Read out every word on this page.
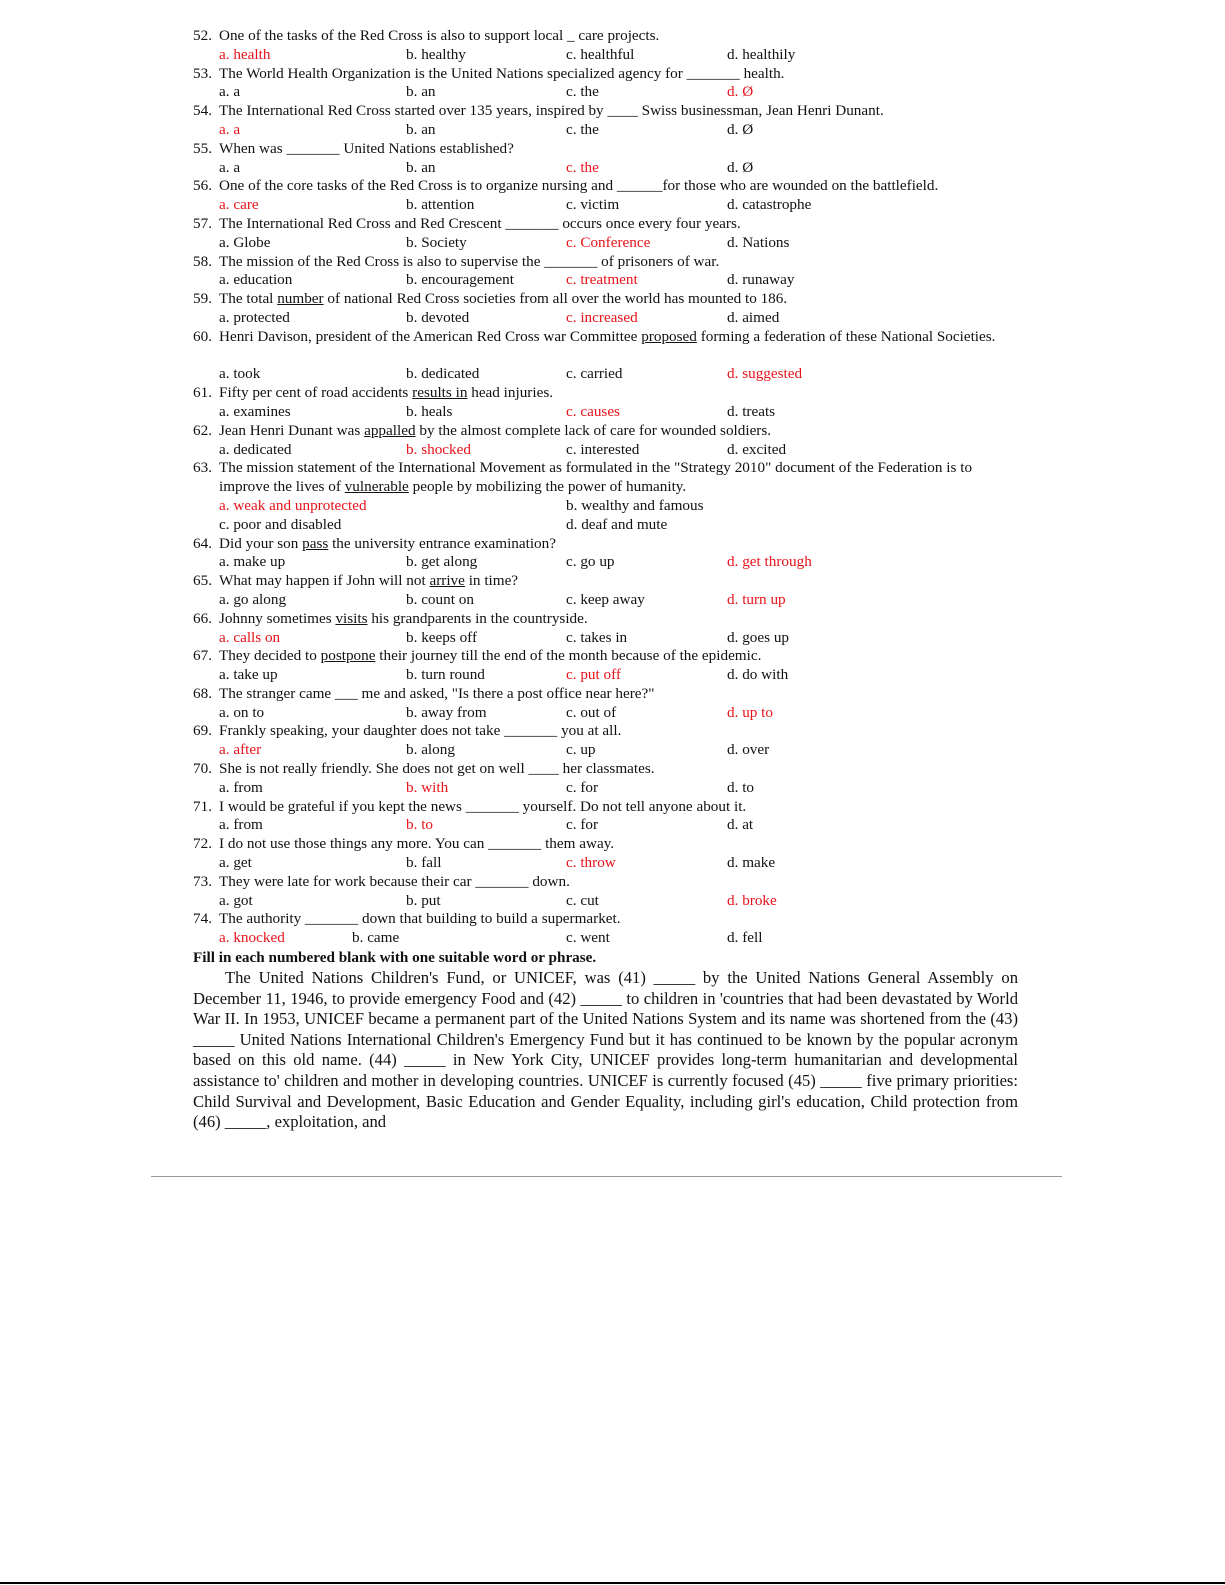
52. One of the tasks of the Red Cross is also to support local _ care projects.
a. health	b. healthy	c. healthful	d. healthily
53. The World Health Organization is the United Nations specialized agency for _______ health.
a. a	b. an	c. the	d. Ø
54. The International Red Cross started over 135 years, inspired by ____ Swiss businessman, Jean Henri Dunant.
a. a	b. an	c. the	d. Ø
55. When was _______ United Nations established?
a. a	b. an	c. the	d. Ø
56. One of the core tasks of the Red Cross is to organize nursing and ______for those who are wounded on the battlefield.
a. care	b. attention	c. victim	d. catastrophe
57. The International Red Cross and Red Crescent _______ occurs once every four years.
a. Globe	b. Society	c. Conference	d. Nations
58. The mission of the Red Cross is also to supervise the _______ of prisoners of war.
a. education	b. encouragement	c. treatment	d. runaway
59. The total number of national Red Cross societies from all over the world has mounted to 186.
a. protected	b. devoted	c. increased	d. aimed
60. Henri Davison, president of the American Red Cross war Committee proposed forming a federation of these National Societies.
a. took	b. dedicated	c. carried	d. suggested
61. Fifty per cent of road accidents results in head injuries.
a. examines	b. heals	c. causes	d. treats
62. Jean Henri Dunant was appalled by the almost complete lack of care for wounded soldiers.
a. dedicated	b. shocked	c. interested	d. excited
63. The mission statement of the International Movement as formulated in the "Strategy 2010" document of the Federation is to improve the lives of vulnerable people by mobilizing the power of humanity.
a. weak and unprotected	b. wealthy and famous
c. poor and disabled	d. deaf and mute
64. Did your son pass the university entrance examination?
a. make up	b. get along	c. go up	d. get through
65. What may happen if John will not arrive in time?
a. go along	b. count on	c. keep away	d. turn up
66. Johnny sometimes visits his grandparents in the countryside.
a. calls on	b. keeps off	c. takes in	d. goes up
67. They decided to postpone their journey till the end of the month because of the epidemic.
a. take up	b. turn round	c. put off	d. do with
68. The stranger came ___ me and asked, "Is there a post office near here?"
a. on to	b. away from	c. out of	d. up to
69. Frankly speaking, your daughter does not take _______ you at all.
a. after	b. along	c. up	d. over
70. She is not really friendly. She does not get on well ____ her classmates.
a. from	b. with	c. for	d. to
71. I would be grateful if you kept the news _______ yourself. Do not tell anyone about it.
a. from	b. to	c. for	d. at
72. I do not use those things any more. You can _______ them away.
a. get	b. fall	c. throw	d. make
73. They were late for work because their car _______ down.
a. got	b. put	c. cut	d. broke
74. The authority _______ down that building to build a supermarket.
a. knocked	b. came	c. went	d. fell
Fill in each numbered blank with one suitable word or phrase.

The United Nations Children's Fund, or UNICEF, was (41) _____ by the United Nations General Assembly on December 11, 1946, to provide emergency Food and (42) _____ to children in 'countries that had been devastated by World War II. In 1953, UNICEF became a permanent part of the United Nations System and its name was shortened from the (43) _____ United Nations International Children's Emergency Fund but it has continued to be known by the popular acronym based on this old name. (44) _____ in New York City, UNICEF provides long-term humanitarian and developmental assistance to' children and mother in developing countries. UNICEF is currently focused (45) _____ five primary priorities: Child Survival and Development, Basic Education and Gender Equality, including girl's education, Child protection from (46) _____, exploitation, and
